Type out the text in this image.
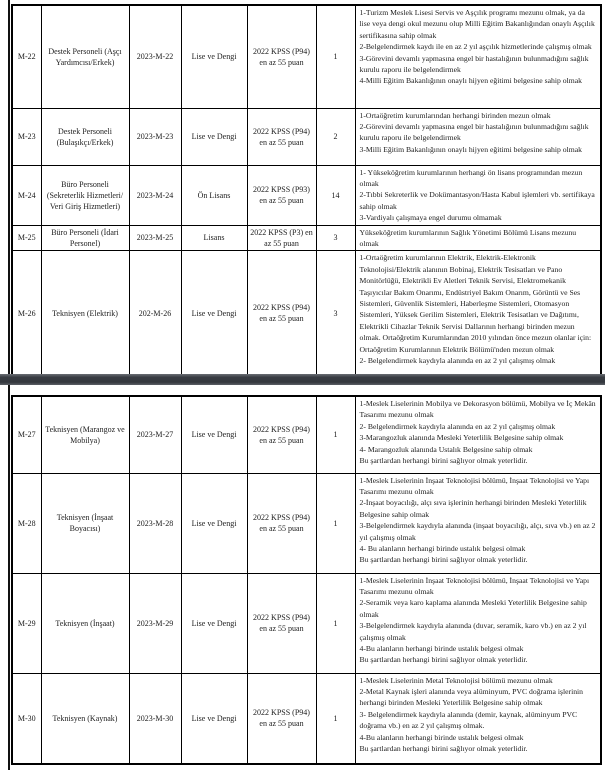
M-22	Destek Personeli (Aşçı Yardımcısı/Erkek)	2023-M-22	Lise ve Dengi	2022 KPSS (P94) en az 55 puan	1	1-Turizm Meslek Lisesi Servis ve Aşçılık programı mezunu olmak, ya da lise veya dengi okul mezunu olup Milli Eğitim Bakanlığından onaylı Aşçılık sertifikasına sahip olmak
2-Belgelendirmek kaydı ile en az 2 yıl aşçılık hizmetlerinde çalışmış olmak
3-Görevini devamlı yapmasına engel bir hastalığının bulunmadığını sağlık kurulu raporu ile belgelendirmek
4-Milli Eğitim Bakanlığının onaylı hijyen eğitimi belgesine sahip olmak

M-23	Destek Personeli (Bulaşıkçı/Erkek)	2023-M-23	Lise ve Dengi	2022 KPSS (P94) en az 55 puan	2	1-Ortaöğretim kurumlarından herhangi birinden mezun olmak
2-Görevini devamlı yapmasına engel bir hastalığının bulunmadığını sağlık kurulu raporu ile belgelendirmek
3-Milli Eğitim Bakanlığının onaylı hijyen eğitimi belgesine sahip olmak

M-24	Büro Personeli (Sekreterlik Hizmetleri/ Veri Giriş Hizmetleri)	2023-M-24	Ön Lisans	2022 KPSS (P93) en az 55 puan	14	1- Yükseköğretim kurumlarının herhangi ön lisans programından mezun olmak
2-Tıbbi Sekreterlik ve Dokümantasyon/Hasta Kabul işlemleri vb. sertifikaya sahip olmak
3-Vardiyalı çalışmaya engel durumu olmamak

M-25	Büro Personeli (İdari Personel)	2023-M-25	Lisans	2022 KPSS (P3) en az 55 puan	3	Yükseköğretim kurumlarının Sağlık Yönetimi Bölümü Lisans mezunu olmak

M-26	Teknisyen (Elektrik)	202-M-26	Lise ve Dengi	2022 KPSS (P94) en az 55 puan	3	1-Ortaöğretim kurumlarının Elektrik, Elektrik-Elektronik Teknolojisi/Elektrik alanının Bobinaj, Elektrik Tesisatları ve Pano Monitörlüğü, Elektrikli Ev Aletleri Teknik Servisi, Elektromekanik Taşıyıcılar Bakım Onarımı, Endüstriyel Bakım Onarım, Görüntü ve Ses Sistemleri, Güvenlik Sistemleri, Haberleşme Sistemleri, Otomasyon Sistemleri, Yüksek Gerilim Sistemleri, Elektrik Tesisatları ve Dağıtımı, Elektrikli Cihazlar Teknik Servisi Dallarının herhangi birinden mezun olmak. Ortaöğretim Kurumlarından 2010 yılından önce mezun olanlar için: Ortaöğretim Kurumlarının Elektrik Bölümü'nden mezun olmak
2- Belgelendirmek kaydıyla alanında en az 2 yıl çalışmış olmak
M-27	Teknisyen (Marangoz ve Mobilya)	2023-M-27	Lise ve Dengi	2022 KPSS (P94) en az 55 puan	1	1-Meslek Liselerinin Mobilya ve Dekorasyon bölümü, Mobilya ve İç Mekân Tasarımı mezunu olmak
2- Belgelendirmek kaydıyla alanında en az 2 yıl çalışmış olmak
3-Marangozluk alanında Mesleki Yeterlilik Belgesine sahip olmak
4- Marangozluk alanında Ustalık Belgesine sahip olmak
Bu şartlardan herhangi birini sağlıyor olmak yeterlidir.

M-28	Teknisyen (İnşaat Boyacısı)	2023-M-28	Lise ve Dengi	2022 KPSS (P94) en az 55 puan	1	1-Meslek Liselerinin İnşaat Teknolojisi bölümü, İnşaat Teknolojisi ve Yapı Tasarımı mezunu olmak
2-İnşaat boyacılığı, alçı sıva işlerinin herhangi birinden Mesleki Yeterlilik Belgesine sahip olmak
3-Belgelendirmek kaydıyla alanında (inşaat boyacılığı, alçı, sıva vb.) en az 2 yıl çalışmış olmak
4- Bu alanların herhangi birinde ustalık belgesi olmak
Bu şartlardan herhangi birini sağlıyor olmak yeterlidir.

M-29	Teknisyen (İnşaat)	2023-M-29	Lise ve Dengi	2022 KPSS (P94) en az 55 puan	1	1-Meslek Liselerinin İnşaat Teknolojisi bölümü, İnşaat Teknolojisi ve Yapı Tasarımı mezunu olmak
2-Seramik veya karo kaplama alanında Mesleki Yeterlilik Belgesine sahip olmak
3-Belgelendirmek kaydıyla alanında (duvar, seramik, karo vb.) en az 2 yıl çalışmış olmak
4-Bu alanların herhangi birinde ustalık belgesi olmak
Bu şartlardan herhangi birini sağlıyor olmak yeterlidir.

M-30	Teknisyen (Kaynak)	2023-M-30	Lise ve Dengi	2022 KPSS (P94) en az 55 puan	1	1-Meslek Liselerinin Metal Teknolojisi bölümü mezunu olmak
2-Metal Kaynak işleri alanında veya alüminyum, PVC doğrama işlerinin herhangi birinden Mesleki Yeterlilik Belgesine sahip olmak
3- Belgelendirmek kaydıyla alanında (demir, kaynak, alüminyum PVC doğrama vb.) en az 2 yıl çalışmış olmak.
4-Bu alanların herhangi birinde ustalık belgesi olmak
Bu şartlardan herhangi birini sağlıyor olmak yeterlidir.
